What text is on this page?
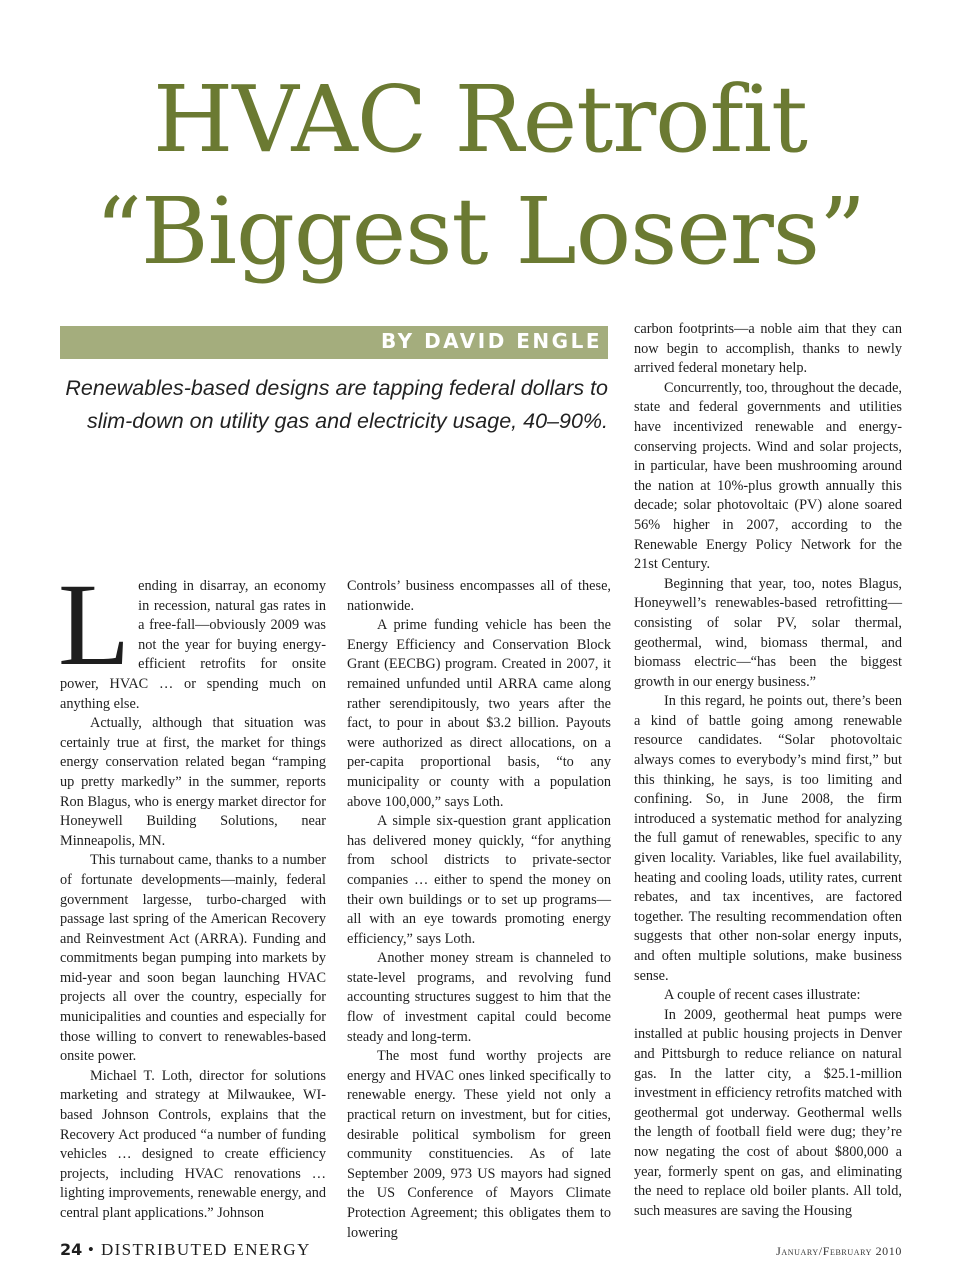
HVAC Retrofit
“Biggest Losers”
BY DAVID ENGLE

Renewables-based designs are tapping federal dollars to slim-down on utility gas and electricity usage, 40–90%.

Lending in disarray, an economy in recession, natural gas rates in a free-fall—obviously 2009 was not the year for buying energy-efficient retrofits for onsite power, HVAC … or spending much on anything else.

Actually, although that situation was certainly true at first, the market for things energy conservation related began “ramping up pretty markedly” in the summer, reports Ron Blagus, who is energy market director for Honeywell Building Solutions, near Minneapolis, MN.

This turnabout came, thanks to a number of fortunate developments—mainly, federal government largesse, turbo-charged with passage last spring of the American Recovery and Reinvestment Act (ARRA). Funding and commitments began pumping into markets by mid-year and soon began launching HVAC projects all over the country, especially for municipalities and counties and especially for those willing to convert to renewables-based onsite power.

Michael T. Loth, director for solutions marketing and strategy at Milwaukee, WI-based Johnson Controls, explains that the Recovery Act produced “a number of funding vehicles … designed to create efficiency projects, including HVAC renovations … lighting improvements, renewable energy, and central plant applications.” Johnson

Controls’ business encompasses all of these, nationwide.

A prime funding vehicle has been the Energy Efficiency and Conservation Block Grant (EECBG) program. Created in 2007, it remained unfunded until ARRA came along rather serendipitously, two years after the fact, to pour in about $3.2 billion. Payouts were authorized as direct allocations, on a per-capita proportional basis, “to any municipality or county with a population above 100,000,” says Loth.

A simple six-question grant application has delivered money quickly, “for anything from school districts to private-sector companies … either to spend the money on their own buildings or to set up programs—all with an eye towards promoting energy efficiency,” says Loth.

Another money stream is channeled to state-level programs, and revolving fund accounting structures suggest to him that the flow of investment capital could become steady and long-term.

The most fund worthy projects are energy and HVAC ones linked specifically to renewable energy. These yield not only a practical return on investment, but for cities, desirable political symbolism for green community constituencies. As of late September 2009, 973 US mayors had signed the US Conference of Mayors Climate Protection Agreement; this obligates them to lowering

carbon footprints—a noble aim that they can now begin to accomplish, thanks to newly arrived federal monetary help.

Concurrently, too, throughout the decade, state and federal governments and utilities have incentivized renewable and energy-conserving projects. Wind and solar projects, in particular, have been mushrooming around the nation at 10%-plus growth annually this decade; solar photovoltaic (PV) alone soared 56% higher in 2007, according to the Renewable Energy Policy Network for the 21st Century.

Beginning that year, too, notes Blagus, Honeywell’s renewables-based retrofitting—consisting of solar PV, solar thermal, geothermal, wind, biomass thermal, and biomass electric—“has been the biggest growth in our energy business.”

In this regard, he points out, there’s been a kind of battle going among renewable resource candidates. “Solar photovoltaic always comes to everybody’s mind first,” but this thinking, he says, is too limiting and confining. So, in June 2008, the firm introduced a systematic method for analyzing the full gamut of renewables, specific to any given locality. Variables, like fuel availability, heating and cooling loads, utility rates, current rebates, and tax incentives, are factored together. The resulting recommendation often suggests that other non-solar energy inputs, and often multiple solutions, make business sense.

A couple of recent cases illustrate:

In 2009, geothermal heat pumps were installed at public housing projects in Denver and Pittsburgh to reduce reliance on natural gas. In the latter city, a $25.1-million investment in efficiency retrofits matched with geothermal got underway. Geothermal wells the length of football field were dug; they’re now negating the cost of about $800,000 a year, formerly spent on gas, and eliminating the need to replace old boiler plants. All told, such measures are saving the Housing

24 • DISTRIBUTED ENERGY	January/February 2010
